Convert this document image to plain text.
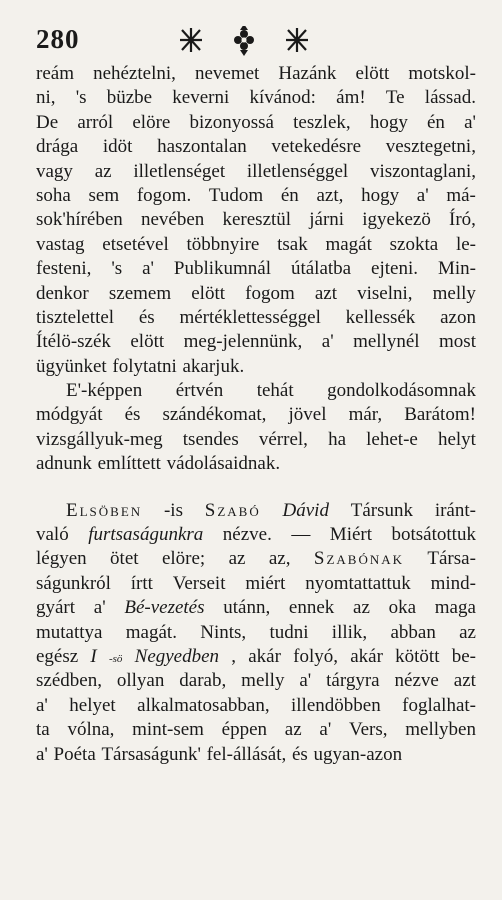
280
reám nehéztelni, nevemet Hazánk elött motskol-
ni, 's büzbe keverni kívánod: ám! Te lássad.
De arról elöre bizonyossá teszlek, hogy én a'
drága idöt haszontalan vetekedésre vesztegetni,
vagy az illetlenséget illetlenséggel viszontaglani,
soha sem fogom. Tudom én azt, hogy a' má-
sok'hírében nevében keresztül járni igyekezö Író,
vastag etsetével többnyire tsak magát szokta le-
festeni, 's a' Publikumnál útálatba ejteni. Min-
denkor szemem elött fogom azt viselni, melly
tisztelettel és mértéklettességgel kellessék azon
Ítélö-szék elött meg-jelennünk, a' mellynél most
ügyünket folytatni akarjuk.
E'-képpen értvén tehát gondolkodásomnak
módgyát és szándékomat, jövel már, Barátom!
vizsgállyuk-meg tsendes vérrel, ha lehet-e helyt
adnunk említtett vádolásaidnak.
Elsöben -is Szabó Dávid Társunk iránt-
való furtsaságunkra nézve. — Miért botsátottuk
légyen ötet elöre; az az, Szabónak Társa-
ságunkról írtt Verseit miért nyomtattattuk mind-
gyárt a' Bé-vezetés utánn, ennek az oka maga
mutattya magát. Nints, tudni illik, abban az
egész I -sö Negyedben , akár folyó, akár kötött be-
szédben, ollyan darab, melly a' tárgyra nézve azt
a' helyet alkalmatosabban, illendöbben foglalhat-
ta vólna, mint-sem éppen az a' Vers, mellyben
a' Poéta Társaságunk' fel-állását, és ugyan-azon
